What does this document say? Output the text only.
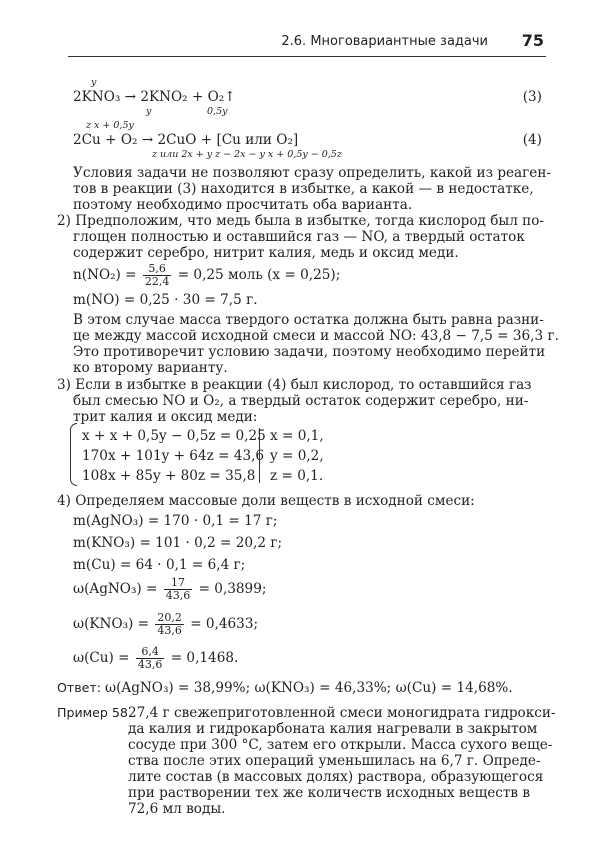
2.6. Многовариантные задачи 75
y
2KNO₃ → 2KNO₂ + O₂↑	(3)
y	0,5y
z x + 0,5y
2Cu + O₂ → 2CuO + [Cu или O₂]	(4)
z или 2x + y z − 2x − y x + 0,5y − 0,5z
Условия задачи не позволяют сразу определить, какой из реаген-
тов в реакции (3) находится в избытке, а какой — в недостатке,
поэтому необходимо просчитать оба варианта.
2) Предположим, что медь была в избытке, тогда кислород был по-
глощен полностью и оставшийся газ — NO, а твердый остаток
содержит серебро, нитрит калия, медь и оксид меди.
$n(NO_2) = \frac{5,6}{22,4} = 0,25$ моль (x = 0,25);
m(NO) = 0,25 · 30 = 7,5 г.
В этом случае масса твердого остатка должна быть равна разни-
це между массой исходной смеси и массой NO: 43,8 − 7,5 = 36,3 г.
Это противоречит условию задачи, поэтому необходимо перейти
ко второму варианту.
3) Если в избытке в реакции (4) был кислород, то оставшийся газ
был смесью NO и O₂, а твердый остаток содержит серебро, ни-
трит калия и оксид меди:
x + x + 0,5y − 0,5z = 0,25 x = 0,1,
170x + 101y + 64z = 43,6 y = 0,2,
108x + 85y + 80z = 35,8 z = 0,1.
4) Определяем массовые доли веществ в исходной смеси:
m(AgNO₃) = 170 · 0,1 = 17 г;
m(KNO₃) = 101 · 0,2 = 20,2 г;
m(Cu) = 64 · 0,1 = 6,4 г;
ω(AgNO₃) = $\frac{17}{43,6} = 0,3899$;
$\omega(KNO_3) = \frac{20,2}{43,6} = 0,4633$;
$\omega(Cu) = \frac{6,4}{43,6} = 0,1468$.
Ответ: ω(AgNO₃) = 38,99%; ω(KNO₃) = 46,33%; ω(Cu) = 14,68%.
Пример 58.
27,4 г свежеприготовленной смеси моногидрата гидрокси-
да калия и гидрокарбоната калия нагревали в закрытом
сосуде при 300 °C, затем его открыли. Масса сухого веще-
ства после этих операций уменьшилась на 6,7 г. Опреде-
лите состав (в массовых долях) раствора, образующегося
при растворении тех же количеств исходных веществ в
72,6 мл воды.
